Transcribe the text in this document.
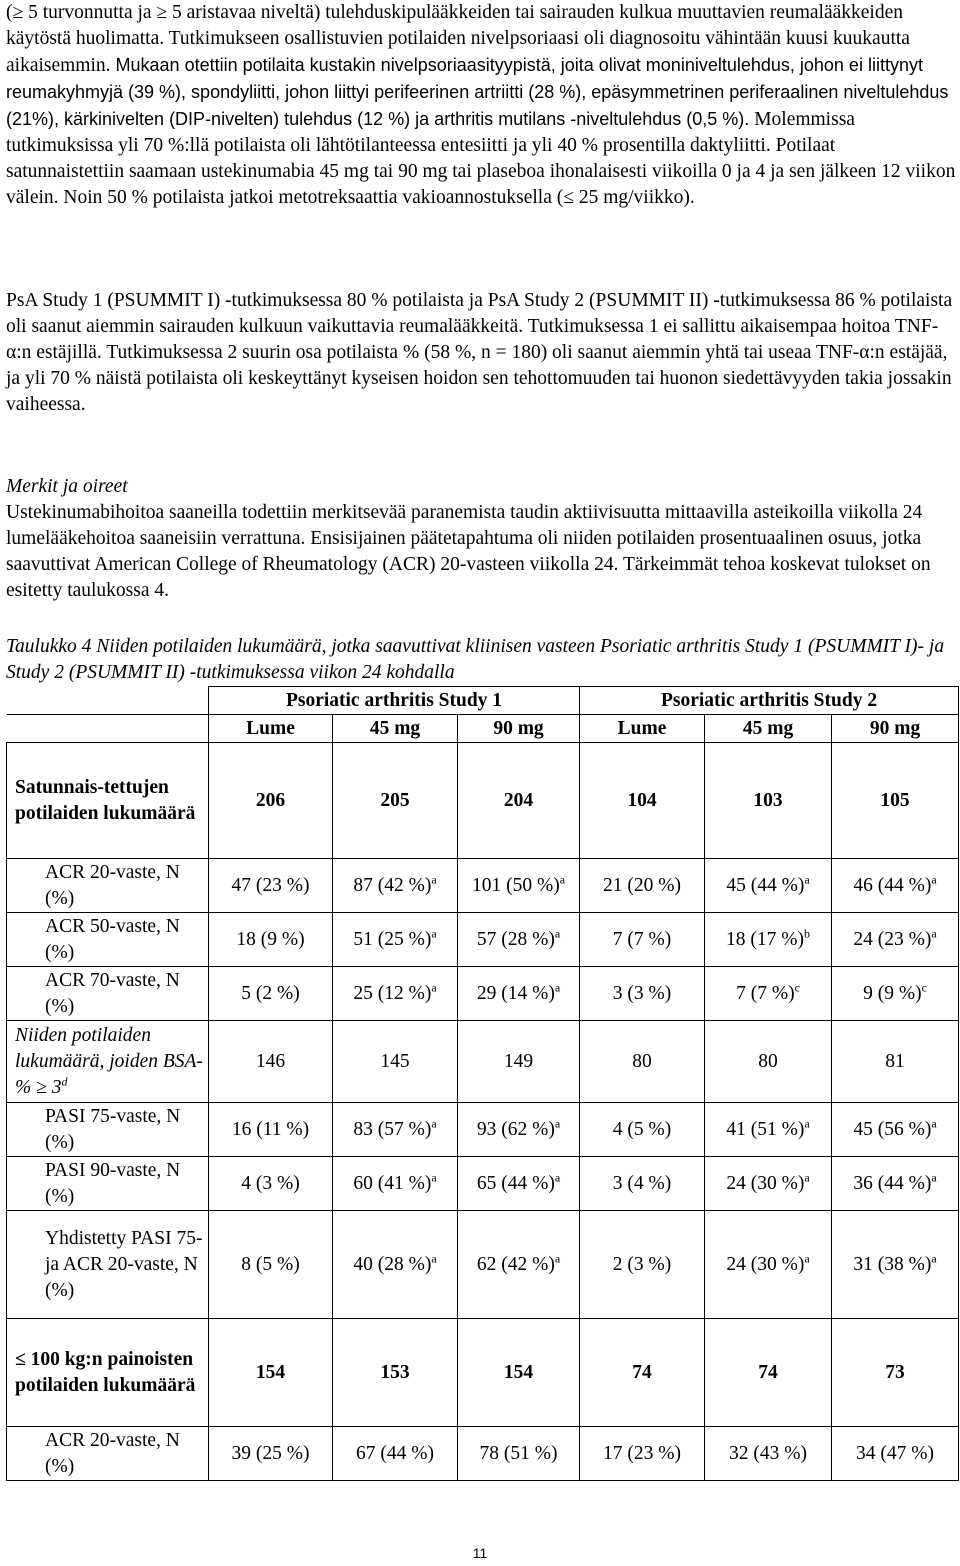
(≥ 5 turvonnutta ja ≥ 5 aristavaa niveltä) tulehduskipulääkkeiden tai sairauden kulkua muuttavien reumalääkkeiden käytöstä huolimatta. Tutkimukseen osallistuvien potilaiden nivelpsoriaasi oli diagnosoitu vähintään kuusi kuukautta aikaisemmin. Mukaan otettiin potilaita kustakin nivelpsoriaasityypistä, joita olivat moniniveltulehdus, johon ei liittynyt reumakyhmyjä (39 %), spondyliitti, johon liittyi perifeerinen artriitti (28 %), epäsymmetrinen periferaalinen niveltulehdus (21%), kärkinivelten (DIP-nivelten) tulehdus (12 %) ja arthritis mutilans -niveltulehdus (0,5 %). Molemmissa tutkimuksissa yli 70 %:llä potilaista oli lähtötilanteessa entesiitti ja yli 40 % prosentilla daktyliitti. Potilaat satunnaistettiin saamaan ustekinumabia 45 mg tai 90 mg tai plaseboa ihonalaisesti viikoilla 0 ja 4 ja sen jälkeen 12 viikon välein. Noin 50 % potilaista jatkoi metotreksaattia vakioannostuksella (≤ 25 mg/viikko).

PsA Study 1 (PSUMMIT I) -tutkimuksessa 80 % potilaista ja PsA Study 2 (PSUMMIT II) -tutkimuksessa 86 % potilaista oli saanut aiemmin sairauden kulkuun vaikuttavia reumalääkkeitä. Tutkimuksessa 1 ei sallittu aikaisempaa hoitoa TNF-α:n estäjillä. Tutkimuksessa 2 suurin osa potilaista % (58 %, n = 180) oli saanut aiemmin yhtä tai useaa TNF-α:n estäjää, ja yli 70 % näistä potilaista oli keskeyttänyt kyseisen hoidon sen tehottomuuden tai huonon siedettävyyden takia jossakin vaiheessa.

Merkit ja oireet

Ustekinumabihoitoa saaneilla todettiin merkitsevää paranemista taudin aktiivisuutta mittaavilla asteikoilla viikolla 24 lumelääkehoitoa saaneisiin verrattuna. Ensisijainen päätetapahtuma oli niiden potilaiden prosentuaalinen osuus, jotka saavuttivat American College of Rheumatology (ACR) 20-vasteen viikolla 24. Tärkeimmät tehoa koskevat tulokset on esitetty taulukossa 4.

Taulukko 4 Niiden potilaiden lukumäärä, jotka saavuttivat kliinisen vasteen Psoriatic arthritis Study 1 (PSUMMIT I)- ja Study 2 (PSUMMIT II) -tutkimuksessa viikon 24 kohdalla

	Psoriatic arthritis Study 1			Psoriatic arthritis Study 2		
	Lume	45 mg	90 mg	Lume	45 mg	90 mg
Satunnais-tettujen potilaiden lukumäärä	206	205	204	104	103	105
ACR 20-vaste, N (%)	47 (23 %)	87 (42 %)$^a$	101 (50 %)$^a$	21 (20 %)	45 (44 %)$^a$	46 (44 %)$^a$
ACR 50-vaste, N (%)	18 (9 %)	51 (25 %)$^a$	57 (28 %)$^a$	7 (7 %)	18 (17 %)$^b$	24 (23 %)$^a$
ACR 70-vaste, N (%)	5 (2 %)	25 (12 %)$^a$	29 (14 %)$^a$	3 (3 %)	7 (7 %)$^c$	9 (9 %)$^c$
Niiden potilaiden lukumäärä, joiden $BSA-\% \ge 3^d$	146	145	149	80	80	81
PASI 75-vaste, N (%)	16 (11 %)	83 (57 %)$^a$	93 (62 %)$^a$	4 (5 %)	41 (51 %)$^a$	45 (56 %)$^a$
PASI 90-vaste, N (%)	4 (3 %)	60 (41 %)$^a$	65 (44 %)$^a$	3 (4 %)	24 (30 %)$^a$	36 (44 %)$^a$
Yhdistetty PASI 75- ja ACR 20-vaste, N (%)	8 (5 %)	40 (28 %)$^a$	62 (42 %)$^a$	2 (3 %)	24 (30 %)$^a$	31 (38 %)$^a$
≤ 100 kg:n painoisten potilaiden lukumäärä	154	153	154	74	74	73
ACR 20-vaste, N (%)	39 (25 %)	67 (44 %)	78 (51 %)	17 (23 %)	32 (43 %)	34 (47 %)
11
